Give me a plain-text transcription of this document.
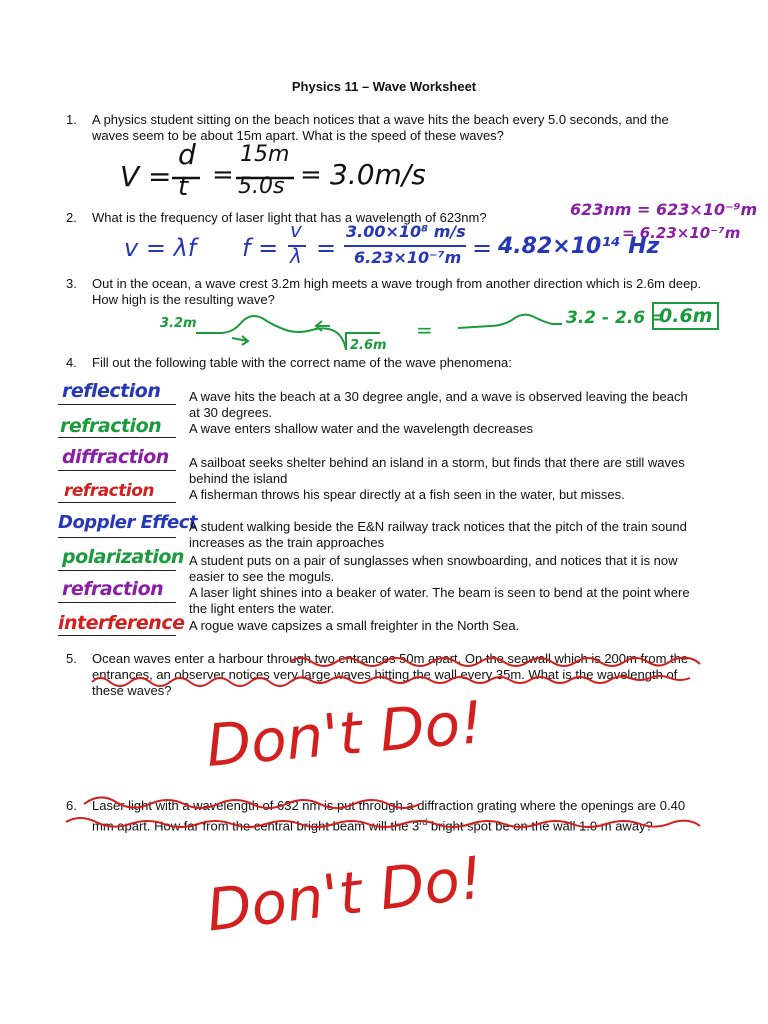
Physics 11 – Wave Worksheet
1. A physics student sitting on the beach notices that a wave hits the beach every 5.0 seconds, and the waves seem to be about 15m apart. What is the speed of these waves?
V =
d
t =
15m
5.0s = 3.0m/s
2. What is the frequency of laser light that has a wavelength of 623nm?	623nm = 623×10⁻⁹m
= 6.23×10⁻⁷m
v = λf f =
v
λ =
3.00×10⁸ m/s
6.23×10⁻⁷m = 4.82×10¹⁴ Hz
3. Out in the ocean, a wave crest 3.2m high meets a wave trough from another direction which is 2.6m deep. How high is the resulting wave?
3.2m
2.6m
=	3.2 - 2.6 =
0.6m
4. Fill out the following table with the correct name of the wave phenomena:
reflection A wave hits the beach at a 30 degree angle, and a wave is observed leaving the beach at 30 degrees.
refraction A wave enters shallow water and the wavelength decreases
diffraction A sailboat seeks shelter behind an island in a storm, but finds that there are still waves behind the island
refraction	A fisherman throws his spear directly at a fish seen in the water, but misses.
Doppler Effect
A student walking beside the E&N railway track notices that the pitch of the train sound increases as the train approaches
polarization A student puts on a pair of sunglasses when snowboarding, and notices that it is now easier to see the moguls.
refraction A laser light shines into a beaker of water. The beam is seen to bend at the point where the light enters the water.
interference A rogue wave capsizes a small freighter in the North Sea.
5. Ocean waves enter a harbour through two entrances 50m apart. On the seawall which is 200m from the entrances, an observer notices very large waves hitting the wall every 35m. What is the wavelength of these waves? Don't Do!
6. Laser light with a wavelength of 632 nm is put through a diffraction grating where the openings are 0.40 mm apart. How far from the central bright beam will the 3rd bright spot be on the wall 1.0 m away?
Don't Do!
